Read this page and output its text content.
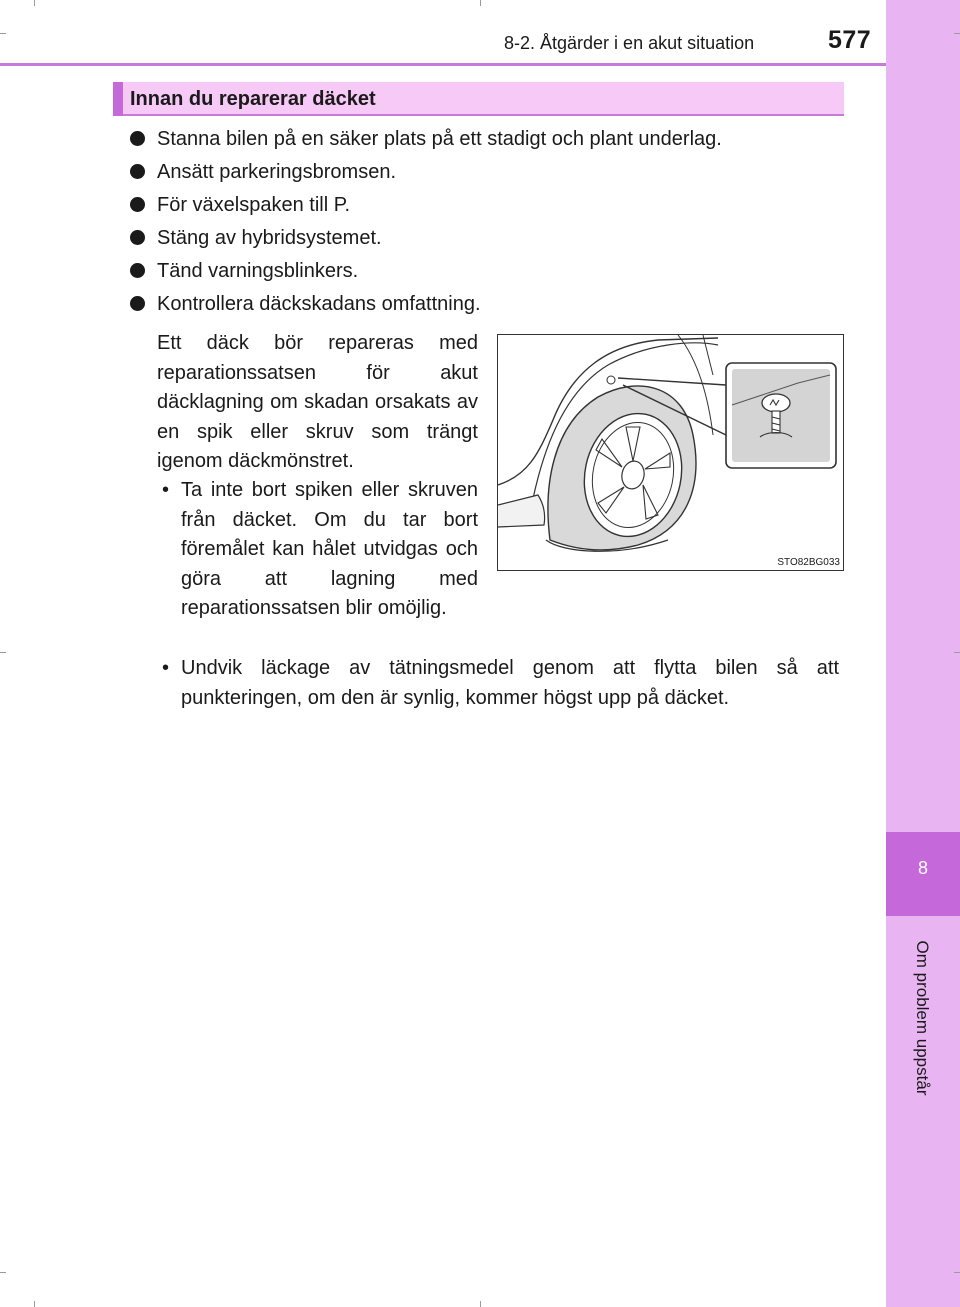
8-2. Åtgärder i en akut situation	577
8
Om problem uppstår
Innan du reparerar däcket
Stanna bilen på en säker plats på ett stadigt och plant underlag.
Ansätt parkeringsbromsen.
För växelspaken till P.
Stäng av hybridsystemet.
Tänd varningsblinkers.
Kontrollera däckskadans omfattning.
Ett däck bör repareras med reparationssatsen för akut däcklagning om skadan orsakats av en spik eller skruv som trängt igenom däckmönstret.
• Ta inte bort spiken eller skruven från däcket. Om du tar bort föremålet kan hålet utvidgas och göra att lagning med reparationssatsen blir omöjlig.
• Undvik läckage av tätningsmedel genom att flytta bilen så att punkteringen, om den är synlig, kommer högst upp på däcket.
STO82BG033
